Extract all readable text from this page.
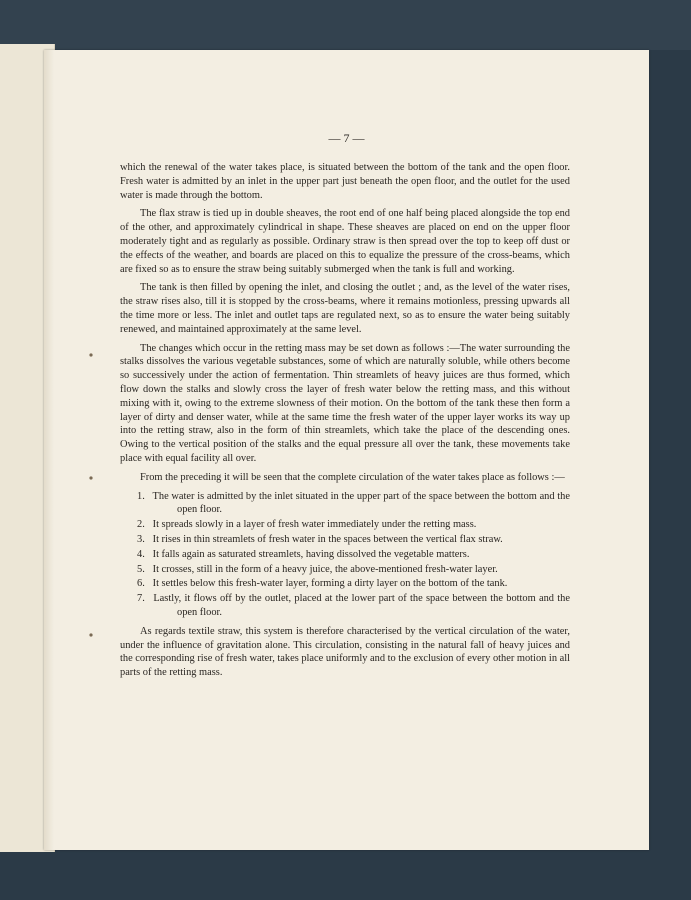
— 7 —

which the renewal of the water takes place, is situated between the bottom of the tank and the open floor. Fresh water is admitted by an inlet in the upper part just beneath the open floor, and the outlet for the used water is made through the bottom.

The flax straw is tied up in double sheaves, the root end of one half being placed alongside the top end of the other, and approximately cylindrical in shape. These sheaves are placed on end on the upper floor moderately tight and as regularly as possible. Ordinary straw is then spread over the top to keep off dust or the effects of the weather, and boards are placed on this to equalize the pressure of the cross-beams, which are fixed so as to ensure the straw being suitably submerged when the tank is full and working.

The tank is then filled by opening the inlet, and closing the outlet ; and, as the level of the water rises, the straw rises also, till it is stopped by the cross-beams, where it remains motionless, pressing upwards all the time more or less. The inlet and outlet taps are regulated next, so as to ensure the water being suitably renewed, and maintained approximately at the same level.

The changes which occur in the retting mass may be set down as follows :—The water surrounding the stalks dissolves the various vegetable substances, some of which are naturally soluble, while others become so successively under the action of fermentation. Thin streamlets of heavy juices are thus formed, which flow down the stalks and slowly cross the layer of fresh water below the retting mass, and this without mixing with it, owing to the extreme slowness of their motion. On the bottom of the tank these then form a layer of dirty and denser water, while at the same time the fresh water of the upper layer works its way up into the retting straw, also in the form of thin streamlets, which take the place of the descending ones. Owing to the vertical position of the stalks and the equal pressure all over the tank, these movements take place with equal facility all over.

From the preceding it will be seen that the complete circulation of the water takes place as follows :—

1. The water is admitted by the inlet situated in the upper part of the space between the bottom and the open floor.
2. It spreads slowly in a layer of fresh water immediately under the retting mass.
3. It rises in thin streamlets of fresh water in the spaces between the vertical flax straw.
4. It falls again as saturated streamlets, having dissolved the vegetable matters.
5. It crosses, still in the form of a heavy juice, the above-mentioned fresh-water layer.
6. It settles below this fresh-water layer, forming a dirty layer on the bottom of the tank.
7. Lastly, it flows off by the outlet, placed at the lower part of the space between the bottom and the open floor.

As regards textile straw, this system is therefore characterised by the vertical circulation of the water, under the influence of gravitation alone. This circulation, consisting in the natural fall of heavy juices and the corresponding rise of fresh water, takes place uniformly and to the exclusion of every other motion in all parts of the retting mass.
